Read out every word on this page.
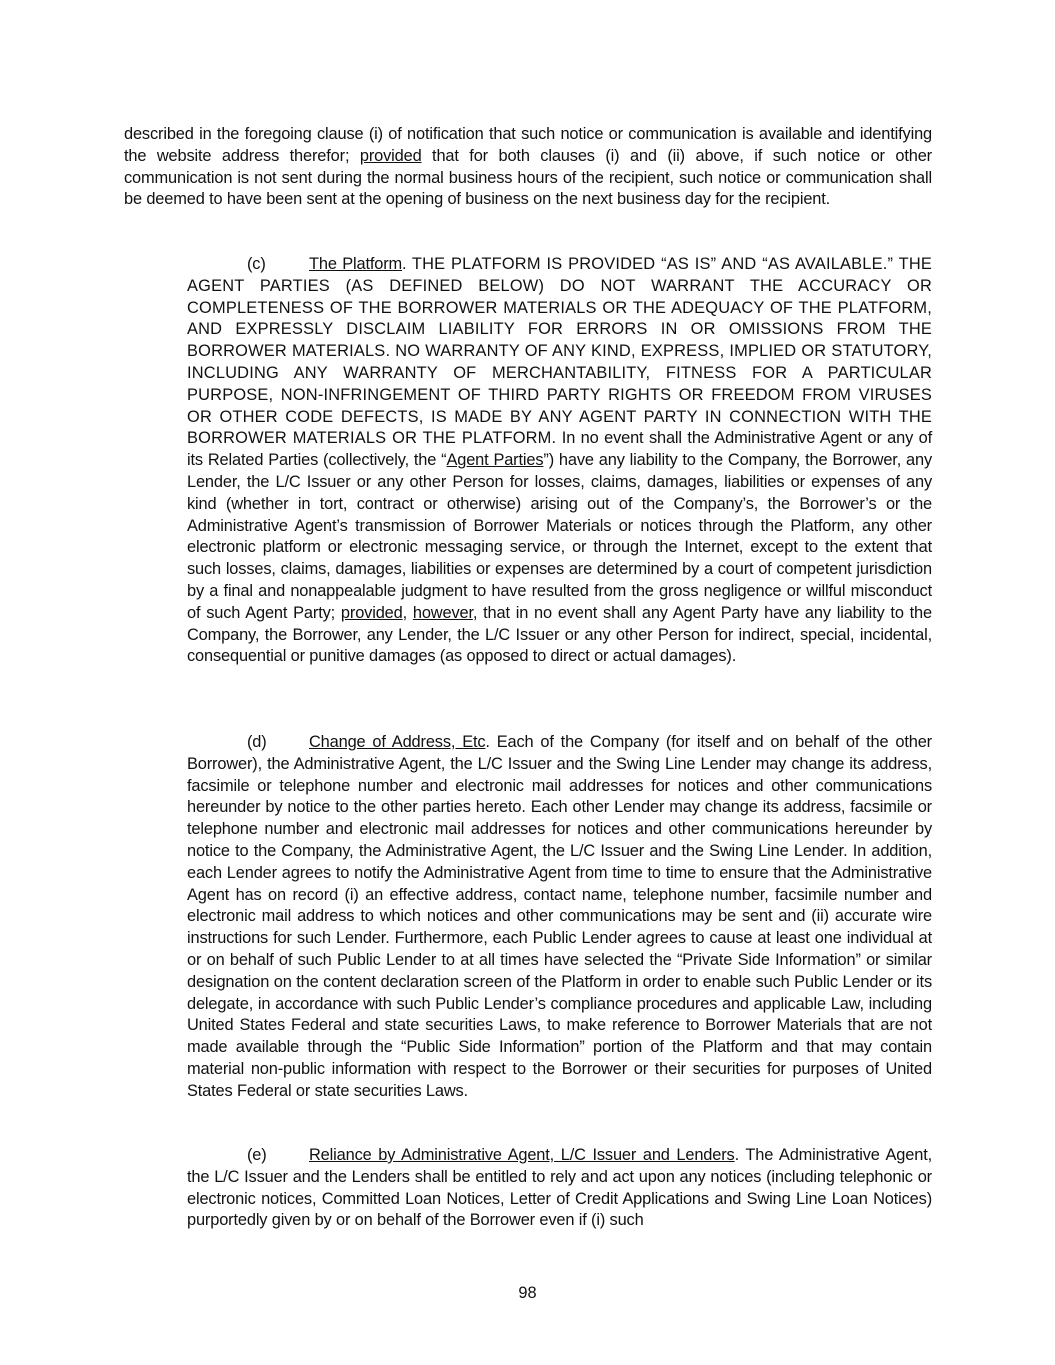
described in the foregoing clause (i) of notification that such notice or communication is available and identifying the website address therefor; provided that for both clauses (i) and (ii) above, if such notice or other communication is not sent during the normal business hours of the recipient, such notice or communication shall be deemed to have been sent at the opening of business on the next business day for the recipient.

(c)	The Platform. THE PLATFORM IS PROVIDED “AS IS” AND “AS AVAILABLE.” THE AGENT PARTIES (AS DEFINED BELOW) DO NOT WARRANT THE ACCURACY OR COMPLETENESS OF THE BORROWER MATERIALS OR THE ADEQUACY OF THE PLATFORM, AND EXPRESSLY DISCLAIM LIABILITY FOR ERRORS IN OR OMISSIONS FROM THE BORROWER MATERIALS. NO WARRANTY OF ANY KIND, EXPRESS, IMPLIED OR STATUTORY, INCLUDING ANY WARRANTY OF MERCHANTABILITY, FITNESS FOR A PARTICULAR PURPOSE, NON-INFRINGEMENT OF THIRD PARTY RIGHTS OR FREEDOM FROM VIRUSES OR OTHER CODE DEFECTS, IS MADE BY ANY AGENT PARTY IN CONNECTION WITH THE BORROWER MATERIALS OR THE PLATFORM. In no event shall the Administrative Agent or any of its Related Parties (collectively, the “Agent Parties”) have any liability to the Company, the Borrower, any Lender, the L/C Issuer or any other Person for losses, claims, damages, liabilities or expenses of any kind (whether in tort, contract or otherwise) arising out of the Company’s, the Borrower’s or the Administrative Agent’s transmission of Borrower Materials or notices through the Platform, any other electronic platform or electronic messaging service, or through the Internet, except to the extent that such losses, claims, damages, liabilities or expenses are determined by a court of competent jurisdiction by a final and nonappealable judgment to have resulted from the gross negligence or willful misconduct of such Agent Party; provided, however, that in no event shall any Agent Party have any liability to the Company, the Borrower, any Lender, the L/C Issuer or any other Person for indirect, special, incidental, consequential or punitive damages (as opposed to direct or actual damages).

(d)	Change of Address, Etc. Each of the Company (for itself and on behalf of the other Borrower), the Administrative Agent, the L/C Issuer and the Swing Line Lender may change its address, facsimile or telephone number and electronic mail addresses for notices and other communications hereunder by notice to the other parties hereto. Each other Lender may change its address, facsimile or telephone number and electronic mail addresses for notices and other communications hereunder by notice to the Company, the Administrative Agent, the L/C Issuer and the Swing Line Lender. In addition, each Lender agrees to notify the Administrative Agent from time to time to ensure that the Administrative Agent has on record (i) an effective address, contact name, telephone number, facsimile number and electronic mail address to which notices and other communications may be sent and (ii) accurate wire instructions for such Lender. Furthermore, each Public Lender agrees to cause at least one individual at or on behalf of such Public Lender to at all times have selected the “Private Side Information” or similar designation on the content declaration screen of the Platform in order to enable such Public Lender or its delegate, in accordance with such Public Lender’s compliance procedures and applicable Law, including United States Federal and state securities Laws, to make reference to Borrower Materials that are not made available through the “Public Side Information” portion of the Platform and that may contain material non-public information with respect to the Borrower or their securities for purposes of United States Federal or state securities Laws.

(e)	Reliance by Administrative Agent, L/C Issuer and Lenders. The Administrative Agent, the L/C Issuer and the Lenders shall be entitled to rely and act upon any notices (including telephonic or electronic notices, Committed Loan Notices, Letter of Credit Applications and Swing Line Loan Notices) purportedly given by or on behalf of the Borrower even if (i) such

98
